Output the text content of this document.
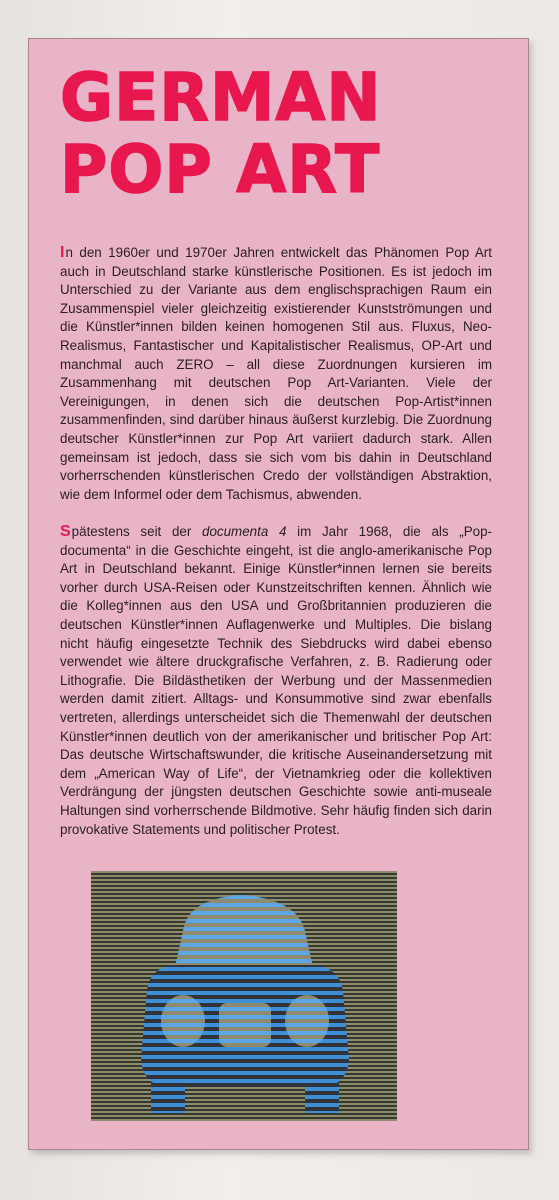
GERMAN
POP ART

In den 1960er und 1970er Jahren entwickelt das Phänomen Pop Art auch in Deutschland starke künstlerische Positionen. Es ist jedoch im Unterschied zu der Variante aus dem englischsprachigen Raum ein Zusammenspiel vieler gleichzeitig existierender Kunstströmungen und die Künstler*innen bilden keinen homogenen Stil aus. Fluxus, Neo-Realismus, Fantastischer und Kapitalistischer Realismus, OP-Art und manchmal auch ZERO – all diese Zuordnungen kursieren im Zusammenhang mit deutschen Pop Art-Varianten. Viele der Vereinigungen, in denen sich die deutschen Pop-Artist*innen zusammenfinden, sind darüber hinaus äußerst kurzlebig. Die Zuordnung deutscher Künstler*innen zur Pop Art variiert dadurch stark. Allen gemeinsam ist jedoch, dass sie sich vom bis dahin in Deutschland vorherrschenden künstlerischen Credo der vollständigen Abstraktion, wie dem Informel oder dem Tachismus, abwenden.

Spätestens seit der documenta 4 im Jahr 1968, die als „Pop-documenta“ in die Geschichte eingeht, ist die anglo-amerikanische Pop Art in Deutschland bekannt. Einige Künstler*innen lernen sie bereits vorher durch USA-Reisen oder Kunstzeitschriften kennen. Ähnlich wie die Kolleg*innen aus den USA und Großbritannien produzieren die deutschen Künstler*innen Auflagenwerke und Multiples. Die bislang nicht häufig eingesetzte Technik des Siebdrucks wird dabei ebenso verwendet wie ältere druckgrafische Verfahren, z. B. Radierung oder Lithografie. Die Bildästhetiken der Werbung und der Massenmedien werden damit zitiert. Alltags- und Konsummotive sind zwar ebenfalls vertreten, allerdings unterscheidet sich die Themenwahl der deutschen Künstler*innen deutlich von der amerikanischer und britischer Pop Art: Das deutsche Wirtschaftswunder, die kritische Auseinandersetzung mit dem „American Way of Life“, der Vietnamkrieg oder die kollektiven Verdrängung der jüngsten deutschen Geschichte sowie anti-museale Haltungen sind vorherrschende Bildmotive. Sehr häufig finden sich darin provokative Statements und politischer Protest.
